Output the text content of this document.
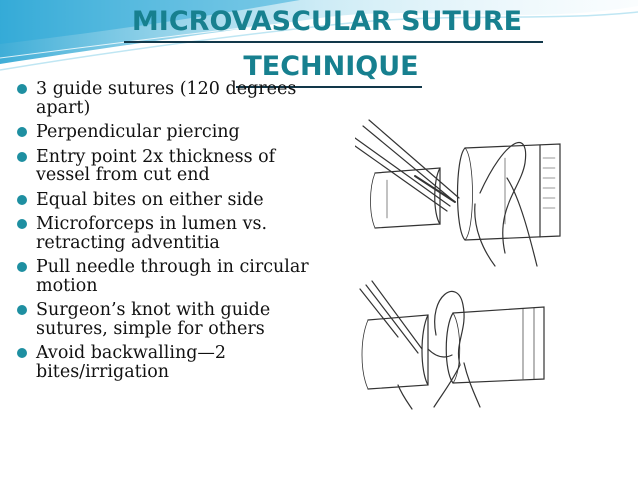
MICROVASCULAR SUTURE
TECHNIQUE
3 guide sutures (120 degrees apart)
Perpendicular piercing
Entry point 2x thickness of vessel from cut end
Equal bites on either side
Microforceps in lumen vs. retracting adventitia
Pull needle through in circular motion
Surgeon’s knot with guide sutures, simple for others
Avoid backwalling—2 bites/irrigation
